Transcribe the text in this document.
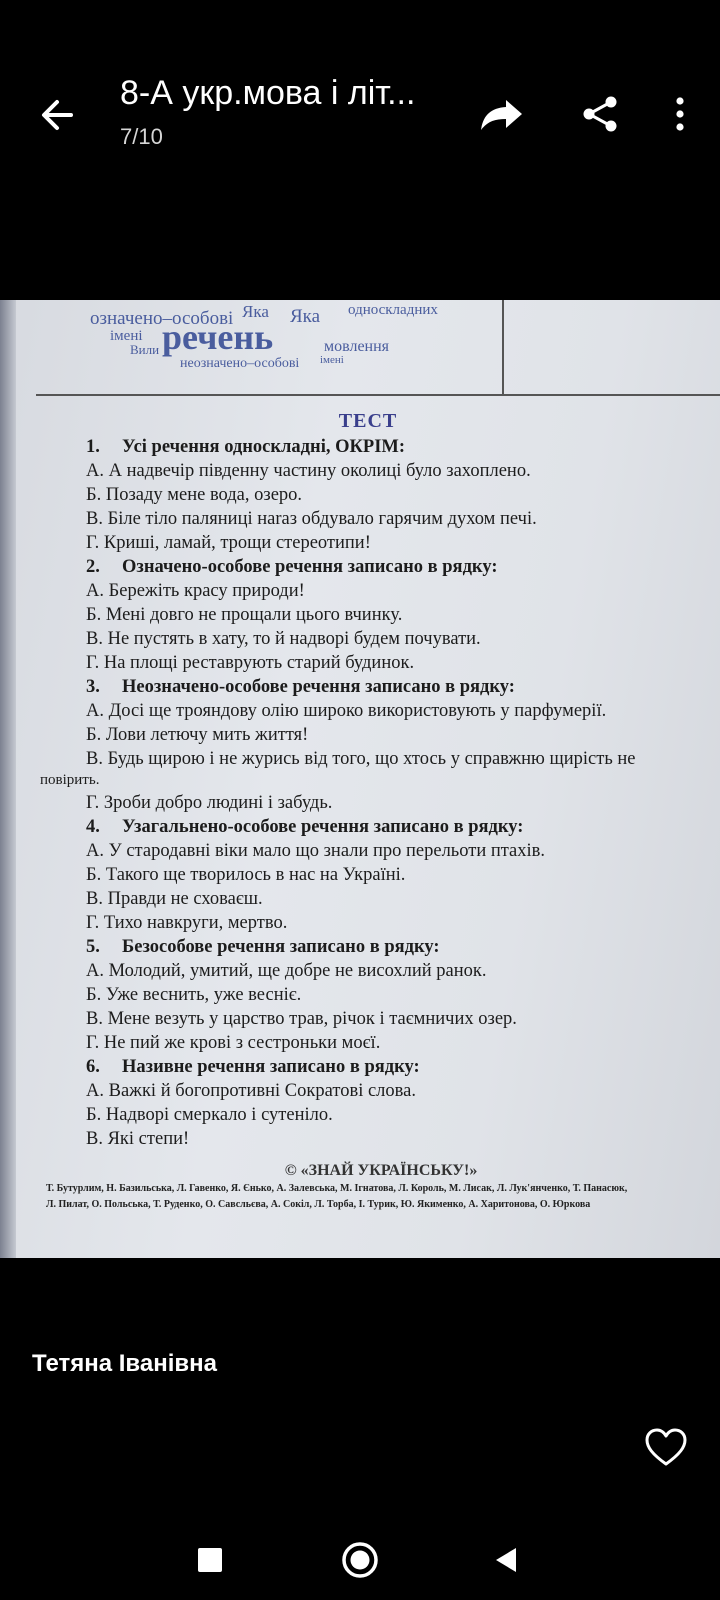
8-А укр.мова і літ...
7/10
означено–особові Яка Яка односкладних
імені речень
Вили	мовлення
неозначено–особові імені
ТЕСТ
1. Усі речення односкладні, ОКРІМ:
А. А надвечір південну частину околиці було захоплено.
Б. Позаду мене вода, озеро.
В. Біле тіло паляниці наraз обдувало гарячим духом печі.
Г. Криші, ламай, трощи стереотипи!
2. Означено-особове речення записано в рядку:
А. Бережіть красу природи!
Б. Мені довго не прощали цього вчинку.
В. Не пустять в хату, то й надворі будем почувати.
Г. На площі реставрують старий будинок.
3. Неозначено-особове речення записано в рядку:
А. Досі ще трояндову олію широко використовують у парфумерії.
Б. Лови летючу мить життя!
В. Будь щирою і не журись від того, що хтось у справжню щирість не
повірить.
Г. Зроби добро людині і забудь.
4. Узагальнено-особове речення записано в рядку:
А. У стародавні віки мало що знали про перельоти птахів.
Б. Такого ще творилось в нас на Україні.
В. Правди не сховаєш.
Г. Тихо навкруги, мертво.
5. Безособове речення записано в рядку:
А. Молодий, умитий, ще добре не висохлий ранок.
Б. Уже веснить, уже весніє.
В. Мене везуть у царство трав, річок і таємничих озер.
Г. Не пий же крові з сестроньки моєї.
6. Називне речення записано в рядку:
А. Важкі й богопротивні Сократові слова.
Б. Надворі смеркало і сутеніло.
В. Які степи!
© «ЗНАЙ УКРАЇНСЬКУ!»
Т. Бутурлим, Н. Базильська, Л. Гавенко, Я. Єнько, А. Залевська, М. Ігнатова, Л. Король, М. Лисак, Л. Лук'янченко, Т. Панасюк,
Л. Пилат, О. Польська, Т. Руденко, О. Савсльєва, А. Сокіл, Л. Торба, І. Турик, Ю. Якименко, А. Харитонова, О. Юркова
Тетяна Іванівна
